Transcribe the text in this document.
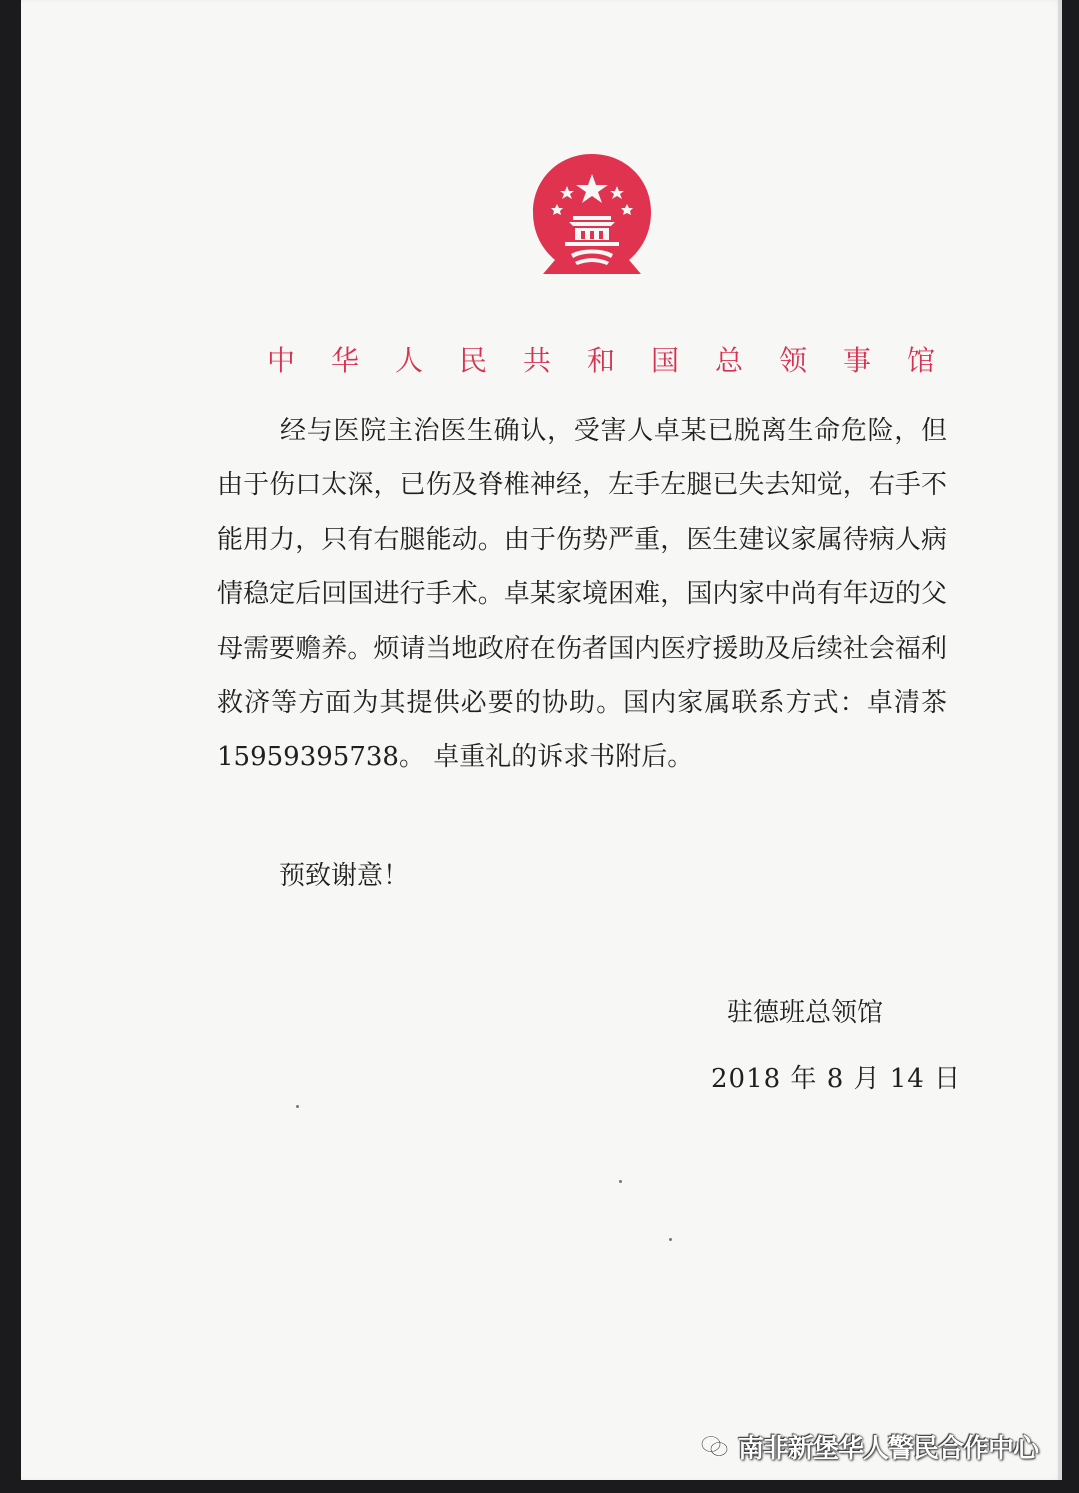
中 华 人 民 共 和 国 总 领 事 馆
经与医院主治医生确认，受害人卓某已脱离生命危险，但由于伤口太深，已伤及脊椎神经，左手左腿已失去知觉，右手不能用力，只有右腿能动。由于伤势严重，医生建议家属待病人病情稳定后回国进行手术。卓某家境困难，国内家中尚有年迈的父母需要赡养。烦请当地政府在伤者国内医疗援助及后续社会福利救济等方面为其提供必要的协助。国内家属联系方式：卓清茶 15959395738。 卓重礼的诉求书附后。
预致谢意！
驻德班总领馆
2018 年 8 月 14 日
南非新堡华人警民合作中心
